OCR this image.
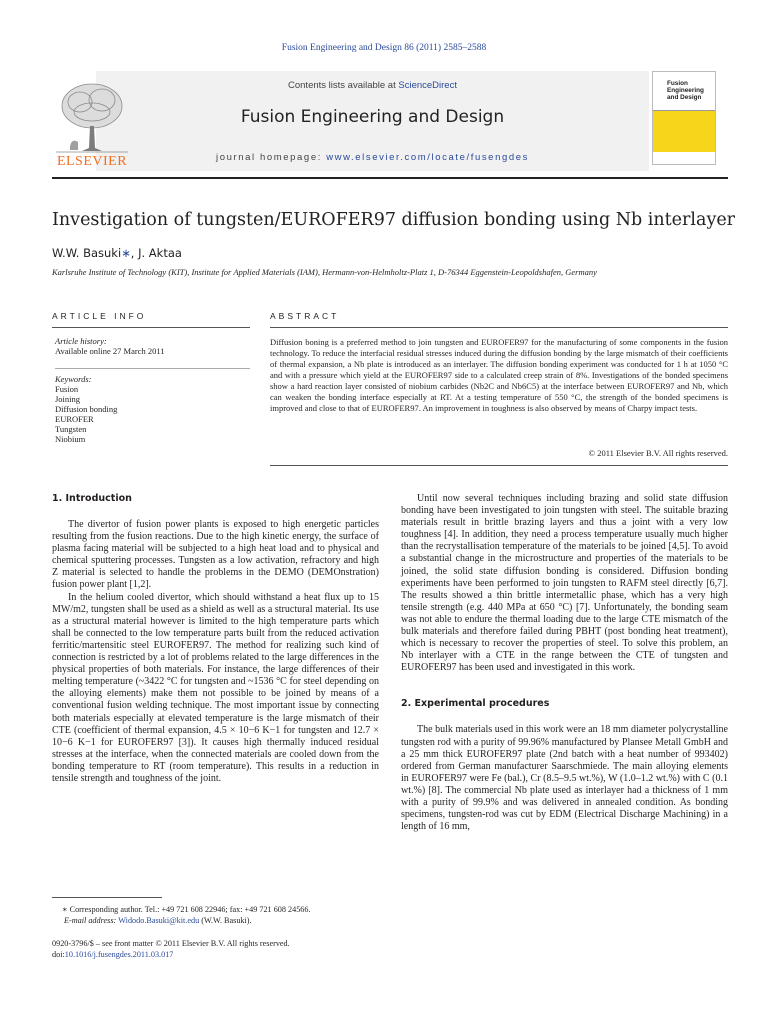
Fusion Engineering and Design 86 (2011) 2585–2588
Contents lists available at ScienceDirect
Fusion Engineering and Design
journal homepage: www.elsevier.com/locate/fusengdes
ELSEVIER
Fusion Engineering
and Design
Investigation of tungsten/EUROFER97 diffusion bonding using Nb interlayer
W.W. Basuki∗, J. Aktaa
Karlsruhe Institute of Technology (KIT), Institute for Applied Materials (IAM), Hermann-von-Helmholtz-Platz 1, D-76344 Eggenstein-Leopoldshafen, Germany
ARTICLE INFO	ABSTRACT
Article history:
Available online 27 March 2011
Keywords:
Fusion
Joining
Diffusion bonding
EUROFER
Tungsten
Niobium
Diffusion boning is a preferred method to join tungsten and EUROFER97 for the manufacturing of some components in the fusion technology. To reduce the interfacial residual stresses induced during the diffusion bonding by the large mismatch of their coefficients of thermal expansion, a Nb plate is introduced as an interlayer. The diffusion bonding experiment was conducted for 1 h at 1050 °C and with a pressure which yield at the EUROFER97 side to a calculated creep strain of 8%. Investigations of the bonded specimens show a hard reaction layer consisted of niobium carbides (Nb2C and Nb6C5) at the interface between EUROFER97 and Nb, which can weaken the bonding interface especially at RT. At a testing temperature of 550 °C, the strength of the bonded specimens is improved and close to that of EUROFER97. An improvement in toughness is also observed by means of Charpy impact tests.
© 2011 Elsevier B.V. All rights reserved.

1. Introduction

The divertor of fusion power plants is exposed to high energetic particles resulting from the fusion reactions. Due to the high kinetic energy, the surface of plasma facing material will be subjected to a high heat load and to physical and chemical sputtering processes. Tungsten as a low activation, refractory and high Z material is selected to handle the problems in the DEMO (DEMOnstration) fusion power plant [1,2].

In the helium cooled divertor, which should withstand a heat flux up to 15 MW/m2, tungsten shall be used as a shield as well as a structural material. Its use as a structural material however is limited to the high temperature parts which shall be connected to the low temperature parts built from the reduced activation ferritic/martensitic steel EUROFER97. The method for realizing such kind of connection is restricted by a lot of problems related to the large differences in the physical properties of both materials. For instance, the large differences of their melting temperature (~3422 °C for tungsten and ~1536 °C for steel depending on the alloying elements) make them not possible to be joined by means of a conventional fusion welding technique. The most important issue by connecting both materials especially at elevated temperature is the large mismatch of their CTE (coefficient of thermal expansion, 4.5 × 10−6 K−1 for tungsten and 12.7 × 10−6 K−1 for EUROFER97 [3]). It causes high thermally induced residual stresses at the interface, when the connected materials are cooled down from the bonding temperature to RT (room temperature). This results in a reduction in tensile strength and toughness of the joint.

Until now several techniques including brazing and solid state diffusion bonding have been investigated to join tungsten with steel. The suitable brazing materials result in brittle brazing layers and thus a joint with a very low toughness [4]. In addition, they need a process temperature usually much higher than the recrystallisation temperature of the materials to be joined [4,5]. To avoid a substantial change in the microstructure and properties of the materials to be joined, the solid state diffusion bonding is considered. Diffusion bonding experiments have been performed to join tungsten to RAFM steel directly [6,7]. The results showed a thin brittle intermetallic phase, which has a very high tensile strength (e.g. 440 MPa at 650 °C) [7]. Unfortunately, the bonding seam was not able to endure the thermal loading due to the large CTE mismatch of the bulk materials and therefore failed during PBHT (post bonding heat treatment), which is necessary to recover the properties of steel. To solve this problem, an Nb interlayer with a CTE in the range between the CTE of tungsten and EUROFER97 has been used and investigated in this work.

2. Experimental procedures

The bulk materials used in this work were an 18 mm diameter polycrystalline tungsten rod with a purity of 99.96% manufactured by Plansee Metall GmbH and a 25 mm thick EUROFER97 plate (2nd batch with a heat number of 993402) ordered from German manufacturer Saarschmiede. The main alloying elements in EUROFER97 were Fe (bal.), Cr (8.5–9.5 wt.%), W (1.0–1.2 wt.%) with C (0.1 wt.%) [8]. The commercial Nb plate used as interlayer had a thickness of 1 mm with a purity of 99.9% and was delivered in annealed condition. As bonding specimens, tungsten-rod was cut by EDM (Electrical Discharge Machining) in a length of 16 mm,

∗ Corresponding author. Tel.: +49 721 608 22946; fax: +49 721 608 24566.
E-mail address: Widodo.Basuki@kit.edu (W.W. Basuki).
0920-3796/$ – see front matter © 2011 Elsevier B.V. All rights reserved.
doi:10.1016/j.fusengdes.2011.03.017
